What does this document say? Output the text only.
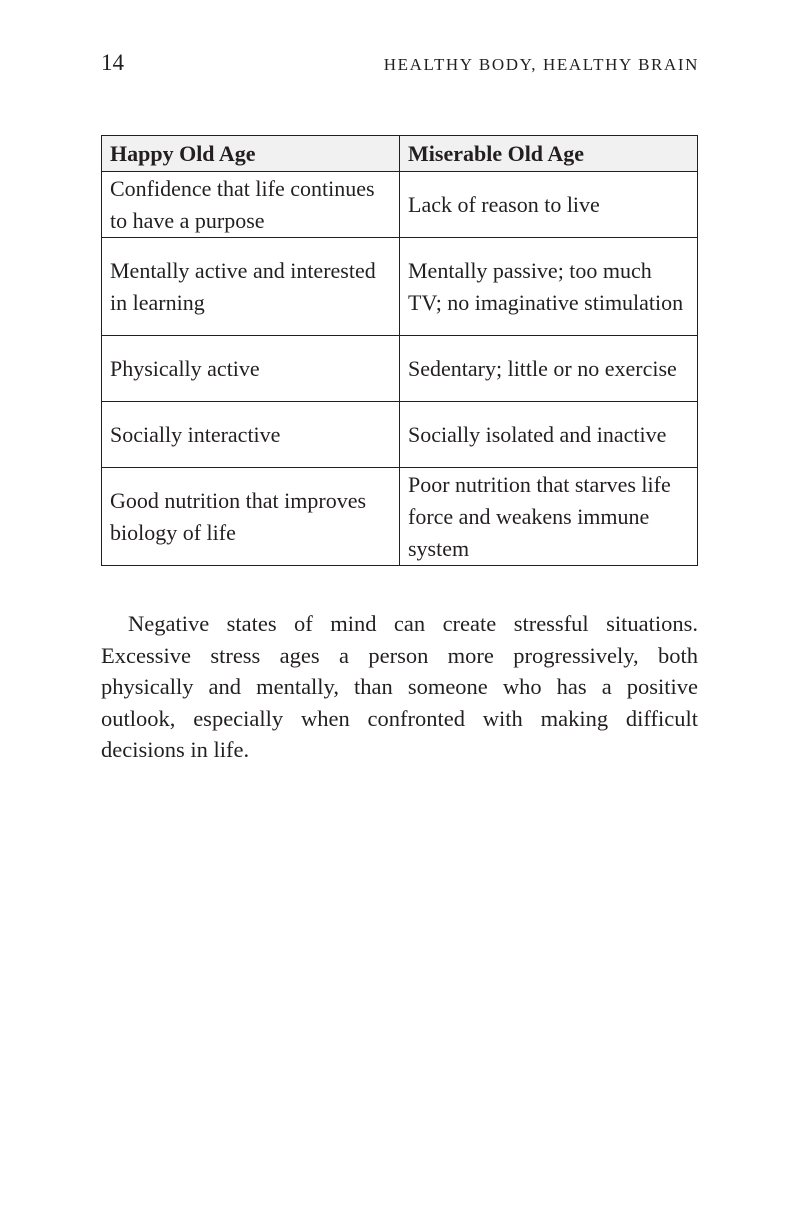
14	HEALTHY BODY, HEALTHY BRAIN
Happy Old Age	Miserable Old Age
Confidence that life continues to have a purpose	Lack of reason to live
Mentally active and interested in learning	Mentally passive; too much TV; no imaginative stimulation
Physically active	Sedentary; little or no exercise
Socially interactive	Socially isolated and inactive
Good nutrition that improves biology of life	Poor nutrition that starves life force and weakens immune system

Negative states of mind can create stressful situations. Excessive stress ages a person more progressively, both physically and mentally, than someone who has a positive outlook, especially when confronted with making difficult decisions in life.
